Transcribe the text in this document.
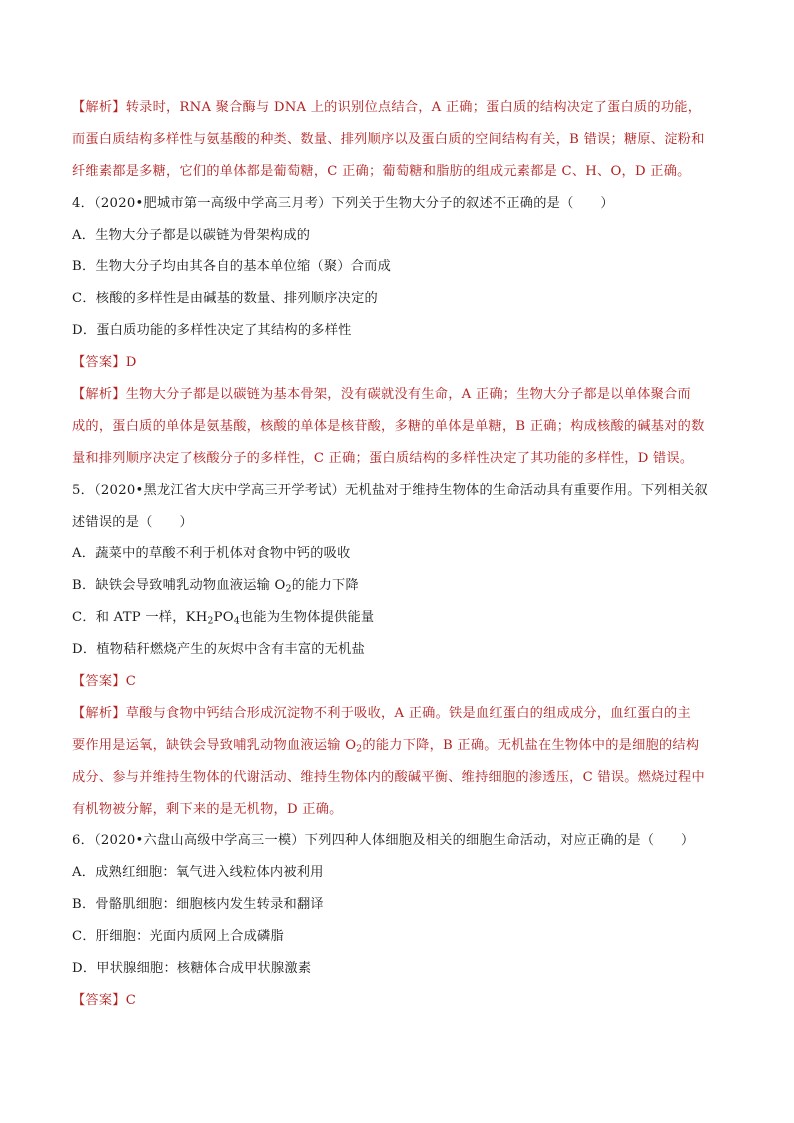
【解析】转录时，RNA 聚合酶与 DNA 上的识别位点结合，A 正确；蛋白质的结构决定了蛋白质的功能，
而蛋白质结构多样性与氨基酸的种类、数量、排列顺序以及蛋白质的空间结构有关，B 错误；糖原、淀粉和
纤维素都是多糖，它们的单体都是葡萄糖，C 正确；葡萄糖和脂肪的组成元素都是 C、H、O，D 正确。
4．（2020•肥城市第一高级中学高三月考）下列关于生物大分子的叙述不正确的是（　　）
A．生物大分子都是以碳链为骨架构成的
B．生物大分子均由其各自的基本单位缩（聚）合而成
C．核酸的多样性是由碱基的数量、排列顺序决定的
D．蛋白质功能的多样性决定了其结构的多样性
【答案】D
【解析】生物大分子都是以碳链为基本骨架，没有碳就没有生命，A 正确；生物大分子都是以单体聚合而
成的，蛋白质的单体是氨基酸，核酸的单体是核苷酸，多糖的单体是单糖，B 正确；构成核酸的碱基对的数
量和排列顺序决定了核酸分子的多样性，C 正确；蛋白质结构的多样性决定了其功能的多样性，D 错误。
5．（2020•黑龙江省大庆中学高三开学考试）无机盐对于维持生物体的生命活动具有重要作用。下列相关叙
述错误的是（　　）
A．蔬菜中的草酸不利于机体对食物中钙的吸收
B．缺铁会导致哺乳动物血液运输 $O_2$的能力下降
C．和 ATP 一样，$KH_2PO_4$也能为生物体提供能量
D．植物秸秆燃烧产生的灰烬中含有丰富的无机盐
【答案】C
【解析】草酸与食物中钙结合形成沉淀物不利于吸收，A 正确。铁是血红蛋白的组成成分，血红蛋白的主
要作用是运氧，缺铁会导致哺乳动物血液运输 $O_2$的能力下降，B 正确。无机盐在生物体中的是细胞的结构
成分、参与并维持生物体的代谢活动、维持生物体内的酸碱平衡、维持细胞的渗透压，C 错误。燃烧过程中
有机物被分解，剩下来的是无机物，D 正确。
6．（2020•六盘山高级中学高三一模）下列四种人体细胞及相关的细胞生命活动，对应正确的是（　　）
A．成熟红细胞：氧气进入线粒体内被利用
B．骨骼肌细胞：细胞核内发生转录和翻译
C．肝细胞：光面内质网上合成磷脂
D．甲状腺细胞：核糖体合成甲状腺激素
【答案】C
